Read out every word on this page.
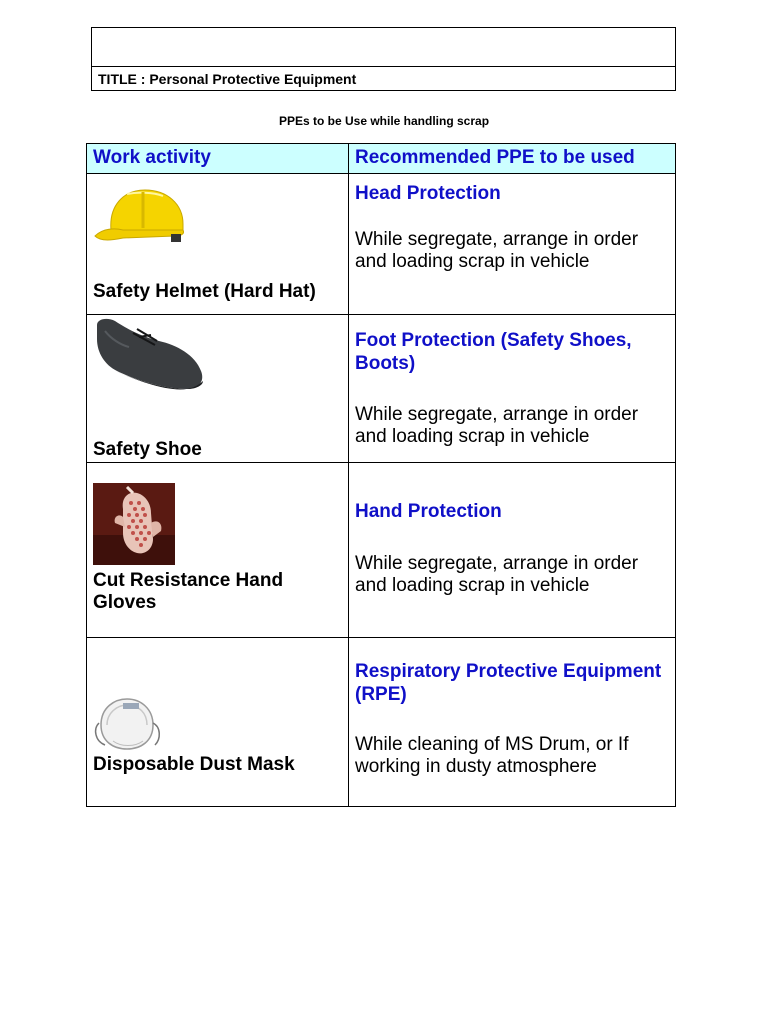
TITLE : Personal Protective Equipment
PPEs to be Use while handling scrap
Work activity	Recommended PPE to be used

Safety Helmet (Hard Hat)	Head Protection
While segregate, arrange in order and loading scrap in vehicle

Safety Shoe	Foot Protection (Safety Shoes, Boots)
While segregate, arrange in order and loading scrap in vehicle

Cut Resistance Hand Gloves	Hand Protection
While segregate, arrange in order and loading scrap in vehicle

Disposable Dust Mask	Respiratory Protective Equipment (RPE)
While cleaning of MS Drum, or If working in dusty atmosphere
